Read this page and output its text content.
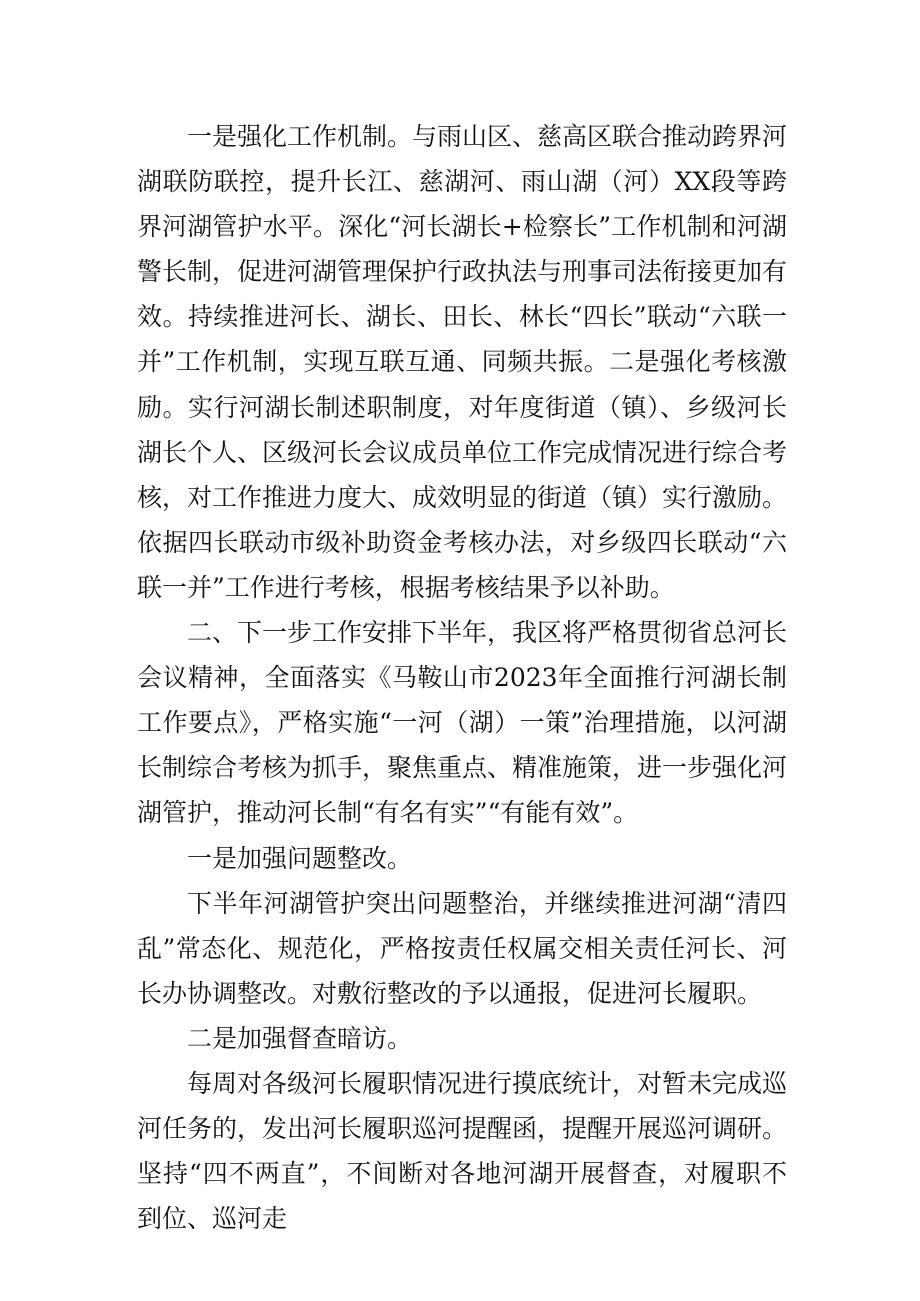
一是强化工作机制。与雨山区、慈高区联合推动跨界河湖联防联控，提升长江、慈湖河、雨山湖（河）XX段等跨界河湖管护水平。深化“河长湖长+检察长”工作机制和河湖警长制，促进河湖管理保护行政执法与刑事司法衔接更加有效。持续推进河长、湖长、田长、林长“四长”联动“六联一并”工作机制，实现互联互通、同频共振。二是强化考核激励。实行河湖长制述职制度，对年度街道（镇）、乡级河长湖长个人、区级河长会议成员单位工作完成情况进行综合考核，对工作推进力度大、成效明显的街道（镇）实行激励。依据四长联动市级补助资金考核办法，对乡级四长联动“六联一并”工作进行考核，根据考核结果予以补助。

二、下一步工作安排下半年，我区将严格贯彻省总河长会议精神，全面落实《马鞍山市2023年全面推行河湖长制工作要点》，严格实施“一河（湖）一策”治理措施，以河湖长制综合考核为抓手，聚焦重点、精准施策，进一步强化河湖管护，推动河长制“有名有实”“有能有效”。

一是加强问题整改。

下半年河湖管护突出问题整治，并继续推进河湖“清四乱”常态化、规范化，严格按责任权属交相关责任河长、河长办协调整改。对敷衍整改的予以通报，促进河长履职。

二是加强督查暗访。

每周对各级河长履职情况进行摸底统计，对暂未完成巡河任务的，发出河长履职巡河提醒函，提醒开展巡河调研。坚持“四不两直”，不间断对各地河湖开展督查，对履职不到位、巡河走
